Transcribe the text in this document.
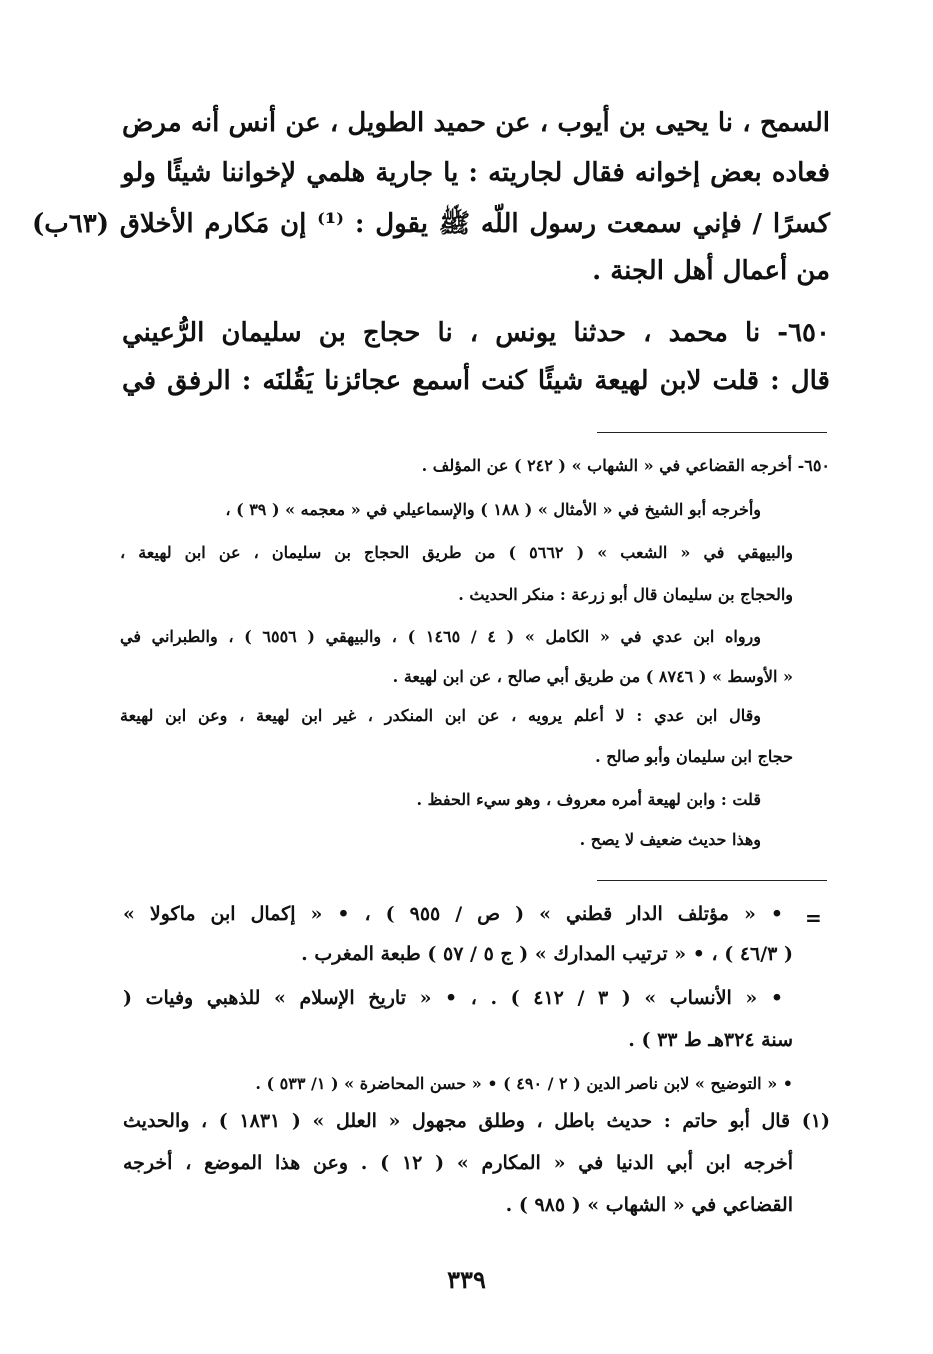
السمح ، نا يحيى بن أيوب ، عن حميد الطويل ، عن أنس أنه مرض
فعاده بعض إخوانه فقال لجاريته : يا جارية هلمي لإخواننا شيئًا ولو
كسرًا / فإني سمعت رسول اللّه ﷺ يقول : ⁽¹⁾ إن مَكارم الأخلاق (٦٣ب)
من أعمال أهل الجنة .
٦٥٠- نا محمد ، حدثنا يونس ، نا حجاج بن سليمان الرُّعيني
قال : قلت لابن لهيعة شيئًا كنت أسمع عجائزنا يَقُلنَه : الرفق في
٦٥٠- أخرجه القضاعي في « الشهاب » ( ٢٤٢ ) عن المؤلف .
وأخرجه أبو الشيخ في « الأمثال » ( ١٨٨ ) والإسماعيلي في « معجمه » ( ٣٩ ) ،
والبيهقي في « الشعب » ( ٥٦٦٢ ) من طريق الحجاج بن سليمان ، عن ابن لهيعة ،
والحجاج بن سليمان قال أبو زرعة : منكر الحديث .
ورواه ابن عدي في « الكامل » ( ٤ / ١٤٦٥ ) ، والبيهقي ( ٦٥٥٦ ) ، والطبراني في
« الأوسط » ( ٨٧٤٦ ) من طريق أبي صالح ، عن ابن لهيعة .
وقال ابن عدي : لا أعلم يرويه ، عن ابن المنكدر ، غير ابن لهيعة ، وعن ابن لهيعة
حجاج ابن سليمان وأبو صالح .
قلت : وابن لهيعة أمره معروف ، وهو سيء الحفظ .
وهذا حديث ضعيف لا يصح .
=
• « مؤتلف الدار قطني » ( ص / ٩٥٥ ) ، • « إكمال ابن ماكولا »
( ٤٦/٣ ) ، • « ترتيب المدارك » ( ج ٥ / ٥٧ ) طبعة المغرب .
• « الأنساب » ( ٣ / ٤١٢ ) . ، • « تاريخ الإسلام » للذهبي وفيات (
سنة ٣٢٤هـ ط ٣٣ ) .
• « التوضيح » لابن ناصر الدين ( ٢ / ٤٩٠ ) • « حسن المحاضرة » ( ١/ ٥٣٣ ) .
(١) قال أبو حاتم : حديث باطل ، وطلق مجهول « العلل » ( ١٨٣١ ) ، والحديث
أخرجه ابن أبي الدنيا في « المكارم » ( ١٢ ) . وعن هذا الموضع ، أخرجه
القضاعي في « الشهاب » ( ٩٨٥ ) .
٣٣٩
